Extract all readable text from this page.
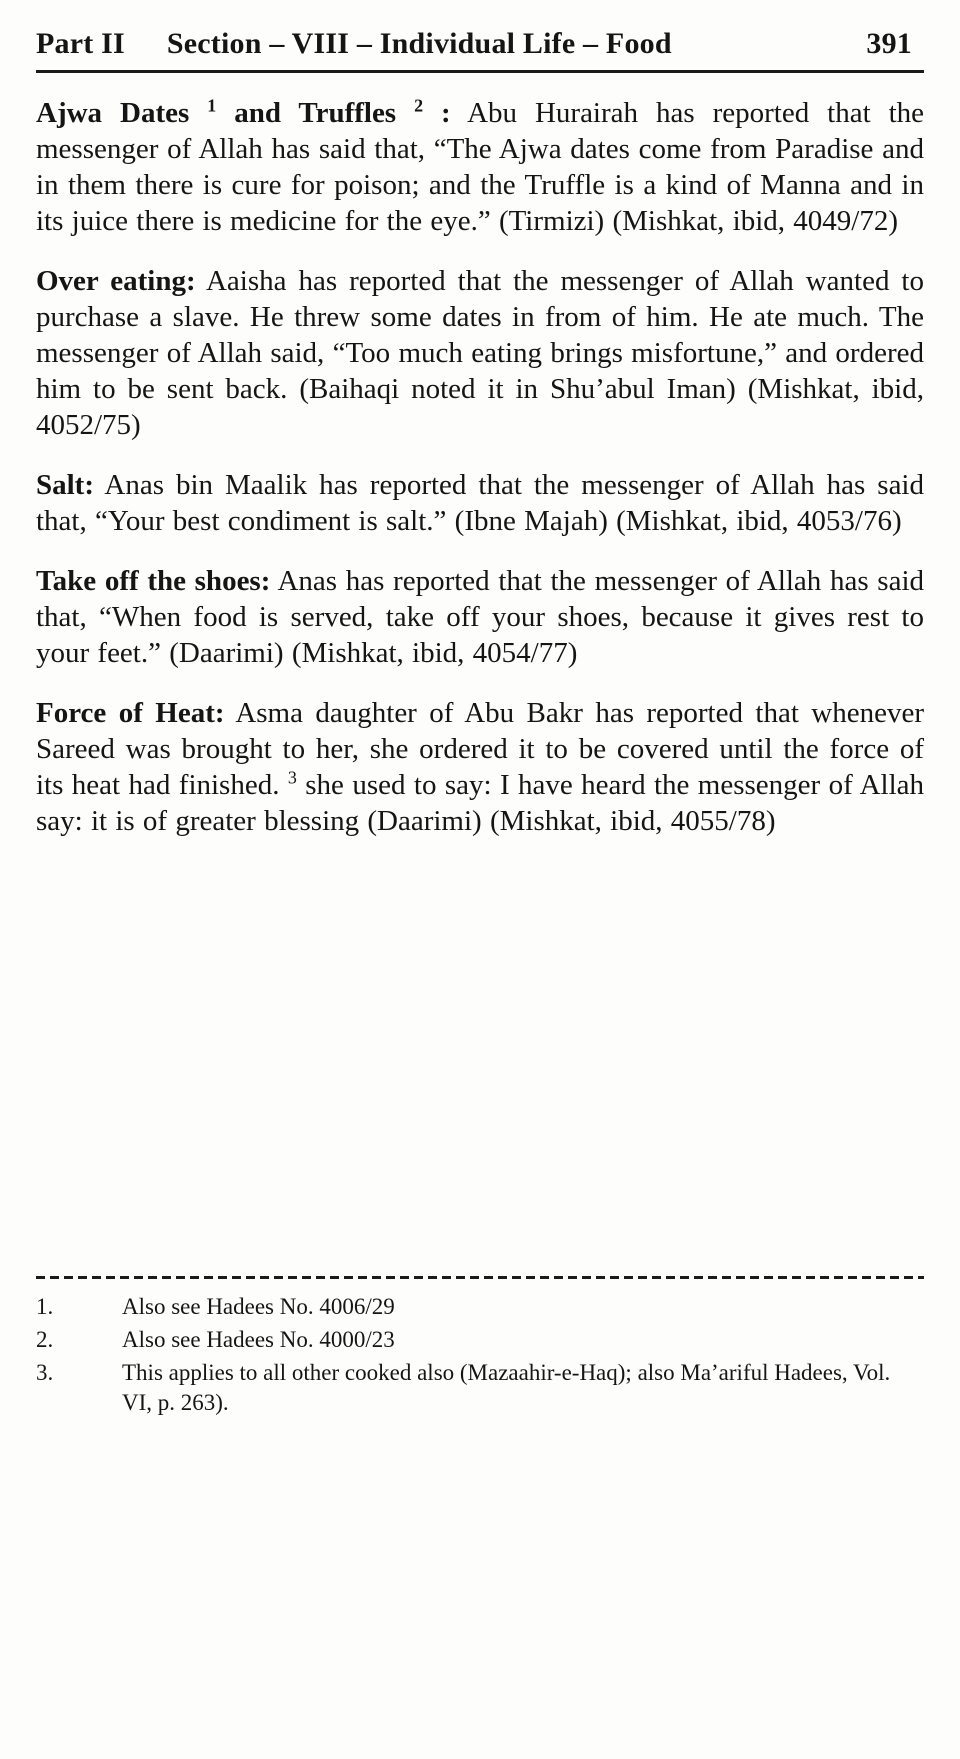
Part II Section – VIII – Individual Life – Food	391

Ajwa Dates $^1$ and Truffles $^2$ : Abu Hurairah has reported that the messenger of Allah has said that, “The Ajwa dates come from Paradise and in them there is cure for poison; and the Truffle is a kind of Manna and in its juice there is medicine for the eye.” (Tirmizi) (Mishkat, ibid, 4049/72)

Over eating: Aaisha has reported that the messenger of Allah wanted to purchase a slave. He threw some dates in from of him. He ate much. The messenger of Allah said, “Too much eating brings misfortune,” and ordered him to be sent back. (Baihaqi noted it in Shu’abul Iman) (Mishkat, ibid, 4052/75)

Salt: Anas bin Maalik has reported that the messenger of Allah has said that, “Your best condiment is salt.” (Ibne Majah) (Mishkat, ibid, 4053/76)

Take off the shoes: Anas has reported that the messenger of Allah has said that, “When food is served, take off your shoes, because it gives rest to your feet.” (Daarimi) (Mishkat, ibid, 4054/77)

Force of Heat: Asma daughter of Abu Bakr has reported that whenever Sareed was brought to her, she ordered it to be covered until the force of its heat had finished. $^3$ she used to say: I have heard the messenger of Allah say: it is of greater blessing (Daarimi) (Mishkat, ibid, 4055/78)

1.	Also see Hadees No. 4006/29
2.	Also see Hadees No. 4000/23
3.	This applies to all other cooked also (Mazaahir-e-Haq); also Ma’ariful Hadees, Vol. VI, p. 263).
